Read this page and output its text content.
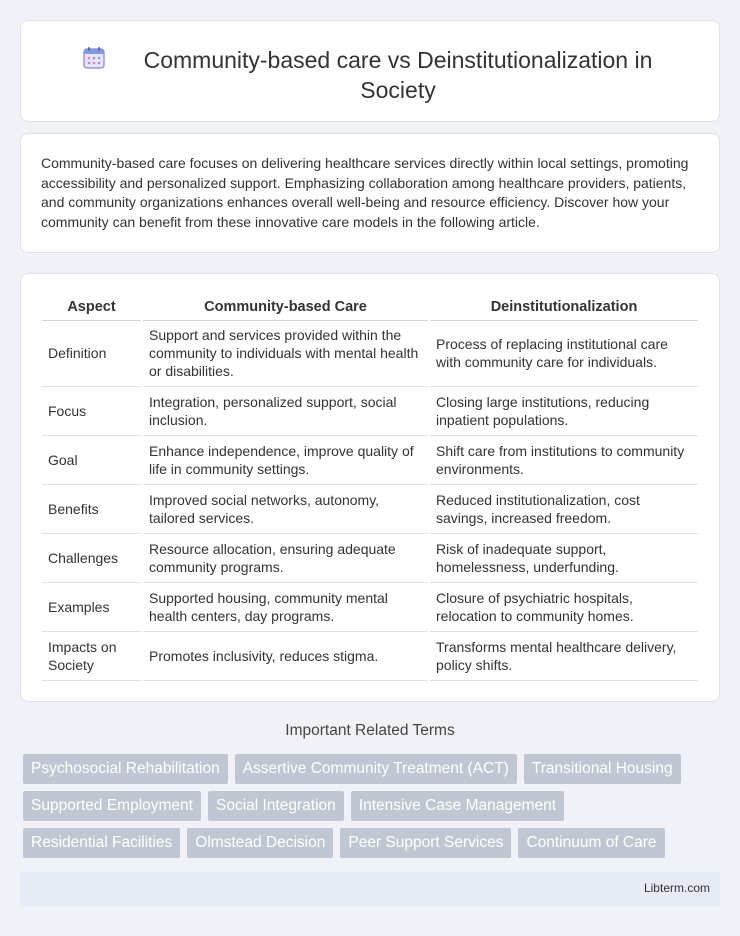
Community-based care vs Deinstitutionalization in Society

Community-based care focuses on delivering healthcare services directly within local settings, promoting accessibility and personalized support. Emphasizing collaboration among healthcare providers, patients, and community organizations enhances overall well-being and resource efficiency. Discover how your community can benefit from these innovative care models in the following article.

Aspect	Community-based Care	Deinstitutionalization
Definition	Support and services provided within the community to individuals with mental health or disabilities.	Process of replacing institutional care with community care for individuals.
Focus	Integration, personalized support, social inclusion.	Closing large institutions, reducing inpatient populations.
Goal	Enhance independence, improve quality of life in community settings.	Shift care from institutions to community environments.
Benefits	Improved social networks, autonomy, tailored services.	Reduced institutionalization, cost savings, increased freedom.
Challenges	Resource allocation, ensuring adequate community programs.	Risk of inadequate support, homelessness, underfunding.
Examples	Supported housing, community mental health centers, day programs.	Closure of psychiatric hospitals, relocation to community homes.
Impacts on Society	Promotes inclusivity, reduces stigma.	Transforms mental healthcare delivery, policy shifts.
Important Related Terms
Psychosocial Rehabilitation	Assertive Community Treatment (ACT)	Transitional Housing
Supported Employment	Social Integration	Intensive Case Management
Residential Facilities	Olmstead Decision	Peer Support Services	Continuum of Care
Libterm.com
